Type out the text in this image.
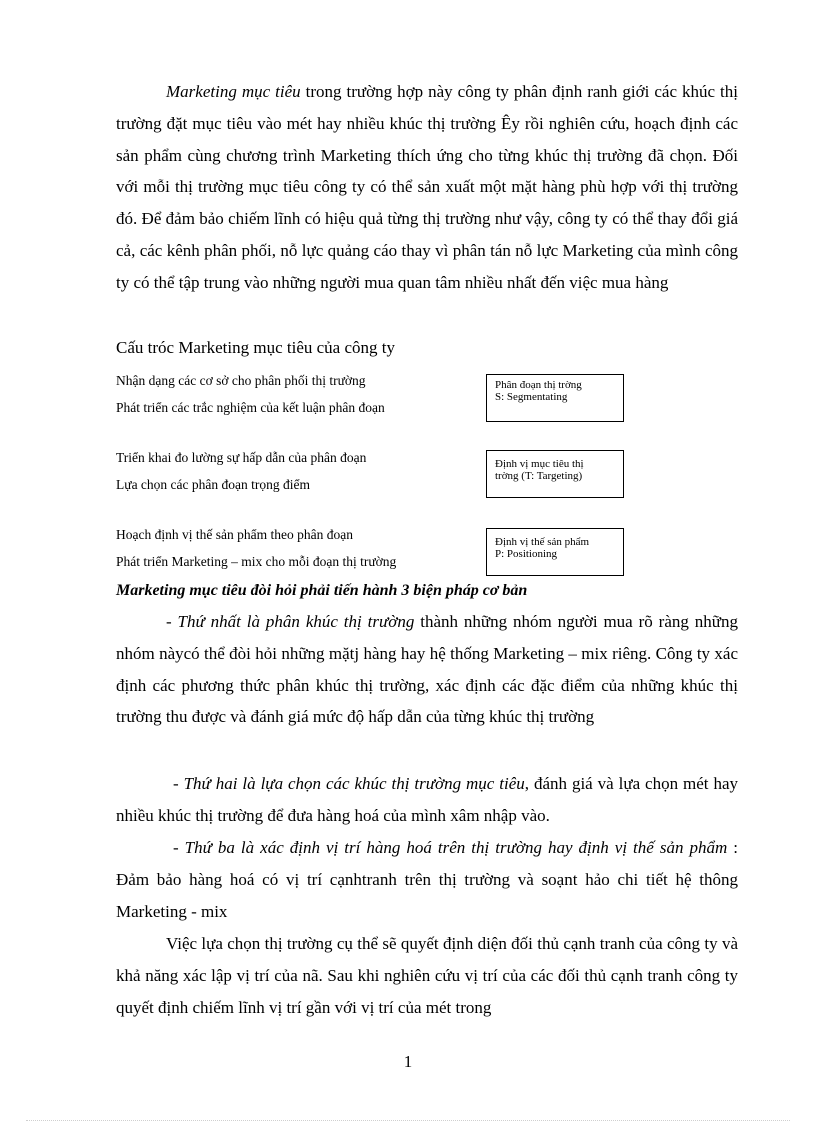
Marketing mục tiêu trong trường hợp này công ty phân định ranh giới các khúc thị trường đặt mục tiêu vào mét hay nhiều khúc thị trường Êy rồi nghiên cứu, hoạch định các sản phẩm cùng chương trình Marketing thích ứng cho từng khúc thị trường đã chọn. Đối với mỗi thị trường mục tiêu công ty có thể sản xuất một mặt hàng phù hợp với thị trường đó. Để đảm bảo chiếm lĩnh có hiệu quả từng thị trường như vậy, công ty có thể thay đổi giá cả, các kênh phân phối, nỗ lực quảng cáo thay vì phân tán nỗ lực Marketing của mình công ty có thể tập trung vào những người mua quan tâm nhiều nhất đến việc mua hàng
Cấu tróc Marketing mục tiêu của công ty
Nhận dạng các cơ sở cho phân phối thị trường
Phát triển các trắc nghiệm của kết luận phân đoạn
Triển khai đo lường sự hấp dẫn của phân đoạn
Lựa chọn các phân đoạn trọng điểm
Hoạch định vị thế sản phẩm theo phân đoạn
Phát triển Marketing – mix cho mỗi đoạn thị trường
Phân đoạn thị trờng
S: Segmentating
Định vị mục tiêu thị
trờng (T: Targeting)
Định vị thế sản phẩm
P: Positioning
Marketing mục tiêu đòi hỏi phải tiến hành 3 biện pháp cơ bản
- Thứ nhất là phân khúc thị trường thành những nhóm người mua rõ ràng những nhóm nàycó thể đòi hỏi những mặtj hàng hay hệ thống Marketing – mix riêng. Công ty xác định các phương thức phân khúc thị trường, xác định các đặc điểm của những khúc thị trường thu được và đánh giá mức độ hấp dẫn của từng khúc thị trường
- Thứ hai là lựa chọn các khúc thị trường mục tiêu, đánh giá và lựa chọn mét hay nhiều khúc thị trường để đưa hàng hoá của mình xâm nhập vào.
- Thứ ba là xác định vị trí hàng hoá trên thị trường hay định vị thế sản phẩm : Đảm bảo hàng hoá có vị trí cạnhtranh trên thị trường và soạnt hảo chi tiết hệ thông Marketing - mix
Việc lựa chọn thị trường cụ thể sẽ quyết định diện đối thủ cạnh tranh của công ty và khả năng xác lập vị trí của nã. Sau khi nghiên cứu vị trí của các đối thủ cạnh tranh công ty quyết định chiếm lĩnh vị trí gần với vị trí của mét trong
1
